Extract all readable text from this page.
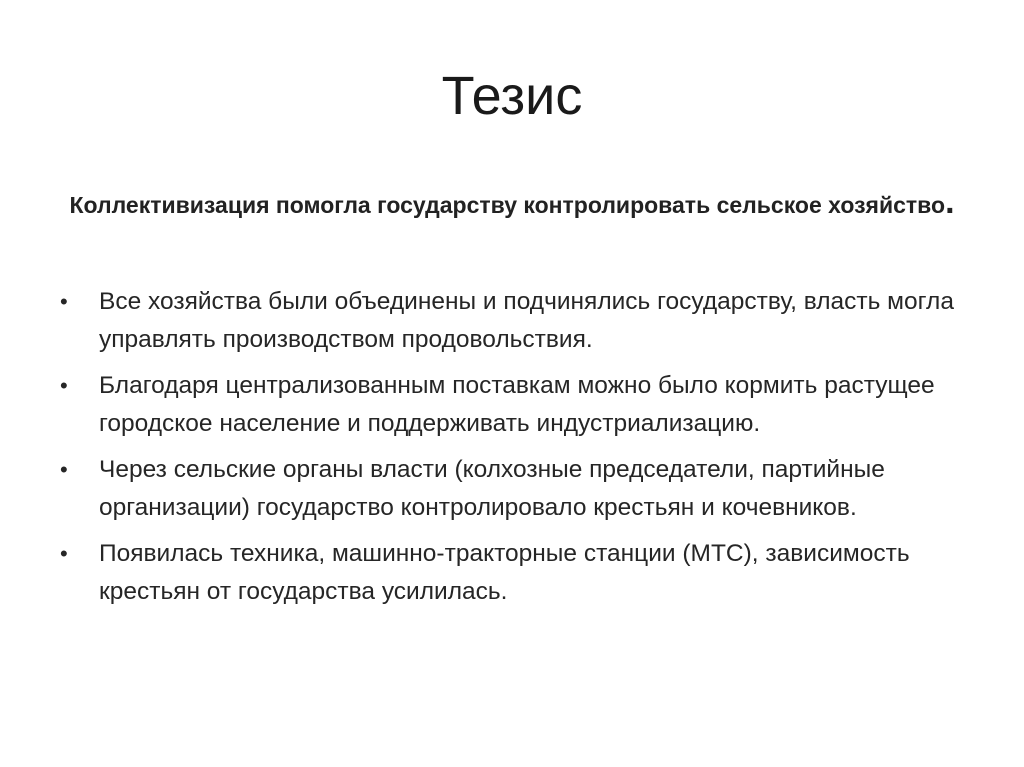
Тезис

Коллективизация помогла государству контролировать сельское хозяйство.

•	Все хозяйства были объединены и подчинялись государству, власть могла управлять производством продовольствия.
•	Благодаря централизованным поставкам можно было кормить растущее городское население и поддерживать индустриализацию.
•	Через сельские органы власти (колхозные председатели, партийные организации) государство контролировало крестьян и кочевников.
•	Появилась техника, машинно-тракторные станции (МТС), зависимость крестьян от государства усилилась.
